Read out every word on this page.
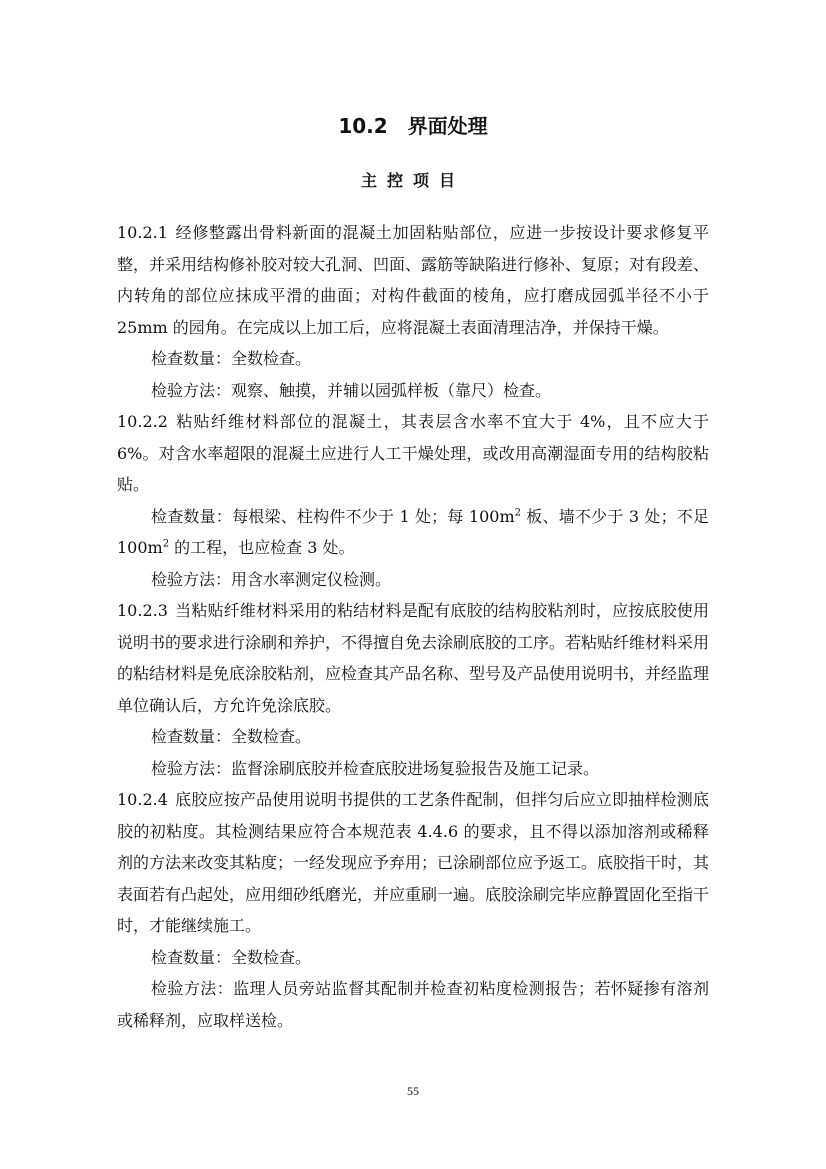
10.2　界面处理
主控项目

10.2.1 经修整露出骨料新面的混凝土加固粘贴部位，应进一步按设计要求修复平整，并采用结构修补胶对较大孔洞、凹面、露筋等缺陷进行修补、复原；对有段差、内转角的部位应抹成平滑的曲面；对构件截面的棱角，应打磨成园弧半径不小于 25mm 的园角。在完成以上加工后，应将混凝土表面清理洁净，并保持干燥。

检查数量：全数检查。

检验方法：观察、触摸，并辅以园弧样板（靠尺）检查。

10.2.2 粘贴纤维材料部位的混凝土，其表层含水率不宜大于 4%，且不应大于 6%。对含水率超限的混凝土应进行人工干燥处理，或改用高潮湿面专用的结构胶粘贴。

检查数量：每根梁、柱构件不少于 1 处；每 $100m^2$ 板、墙不少于 3 处；不足 $100m^2$ 的工程，也应检查 3 处。

检验方法：用含水率测定仪检测。

10.2.3 当粘贴纤维材料采用的粘结材料是配有底胶的结构胶粘剂时，应按底胶使用说明书的要求进行涂刷和养护，不得擅自免去涂刷底胶的工序。若粘贴纤维材料采用的粘结材料是免底涂胶粘剂，应检查其产品名称、型号及产品使用说明书，并经监理单位确认后，方允许免涂底胶。

检查数量：全数检查。

检验方法：监督涂刷底胶并检查底胶进场复验报告及施工记录。

10.2.4 底胶应按产品使用说明书提供的工艺条件配制，但拌匀后应立即抽样检测底胶的初粘度。其检测结果应符合本规范表 4.4.6 的要求，且不得以添加溶剂或稀释剂的方法来改变其粘度；一经发现应予弃用；已涂刷部位应予返工。底胶指干时，其表面若有凸起处，应用细砂纸磨光，并应重刷一遍。底胶涂刷完毕应静置固化至指干时，才能继续施工。

检查数量：全数检查。

检验方法：监理人员旁站监督其配制并检查初粘度检测报告；若怀疑掺有溶剂或稀释剂，应取样送检。

55
